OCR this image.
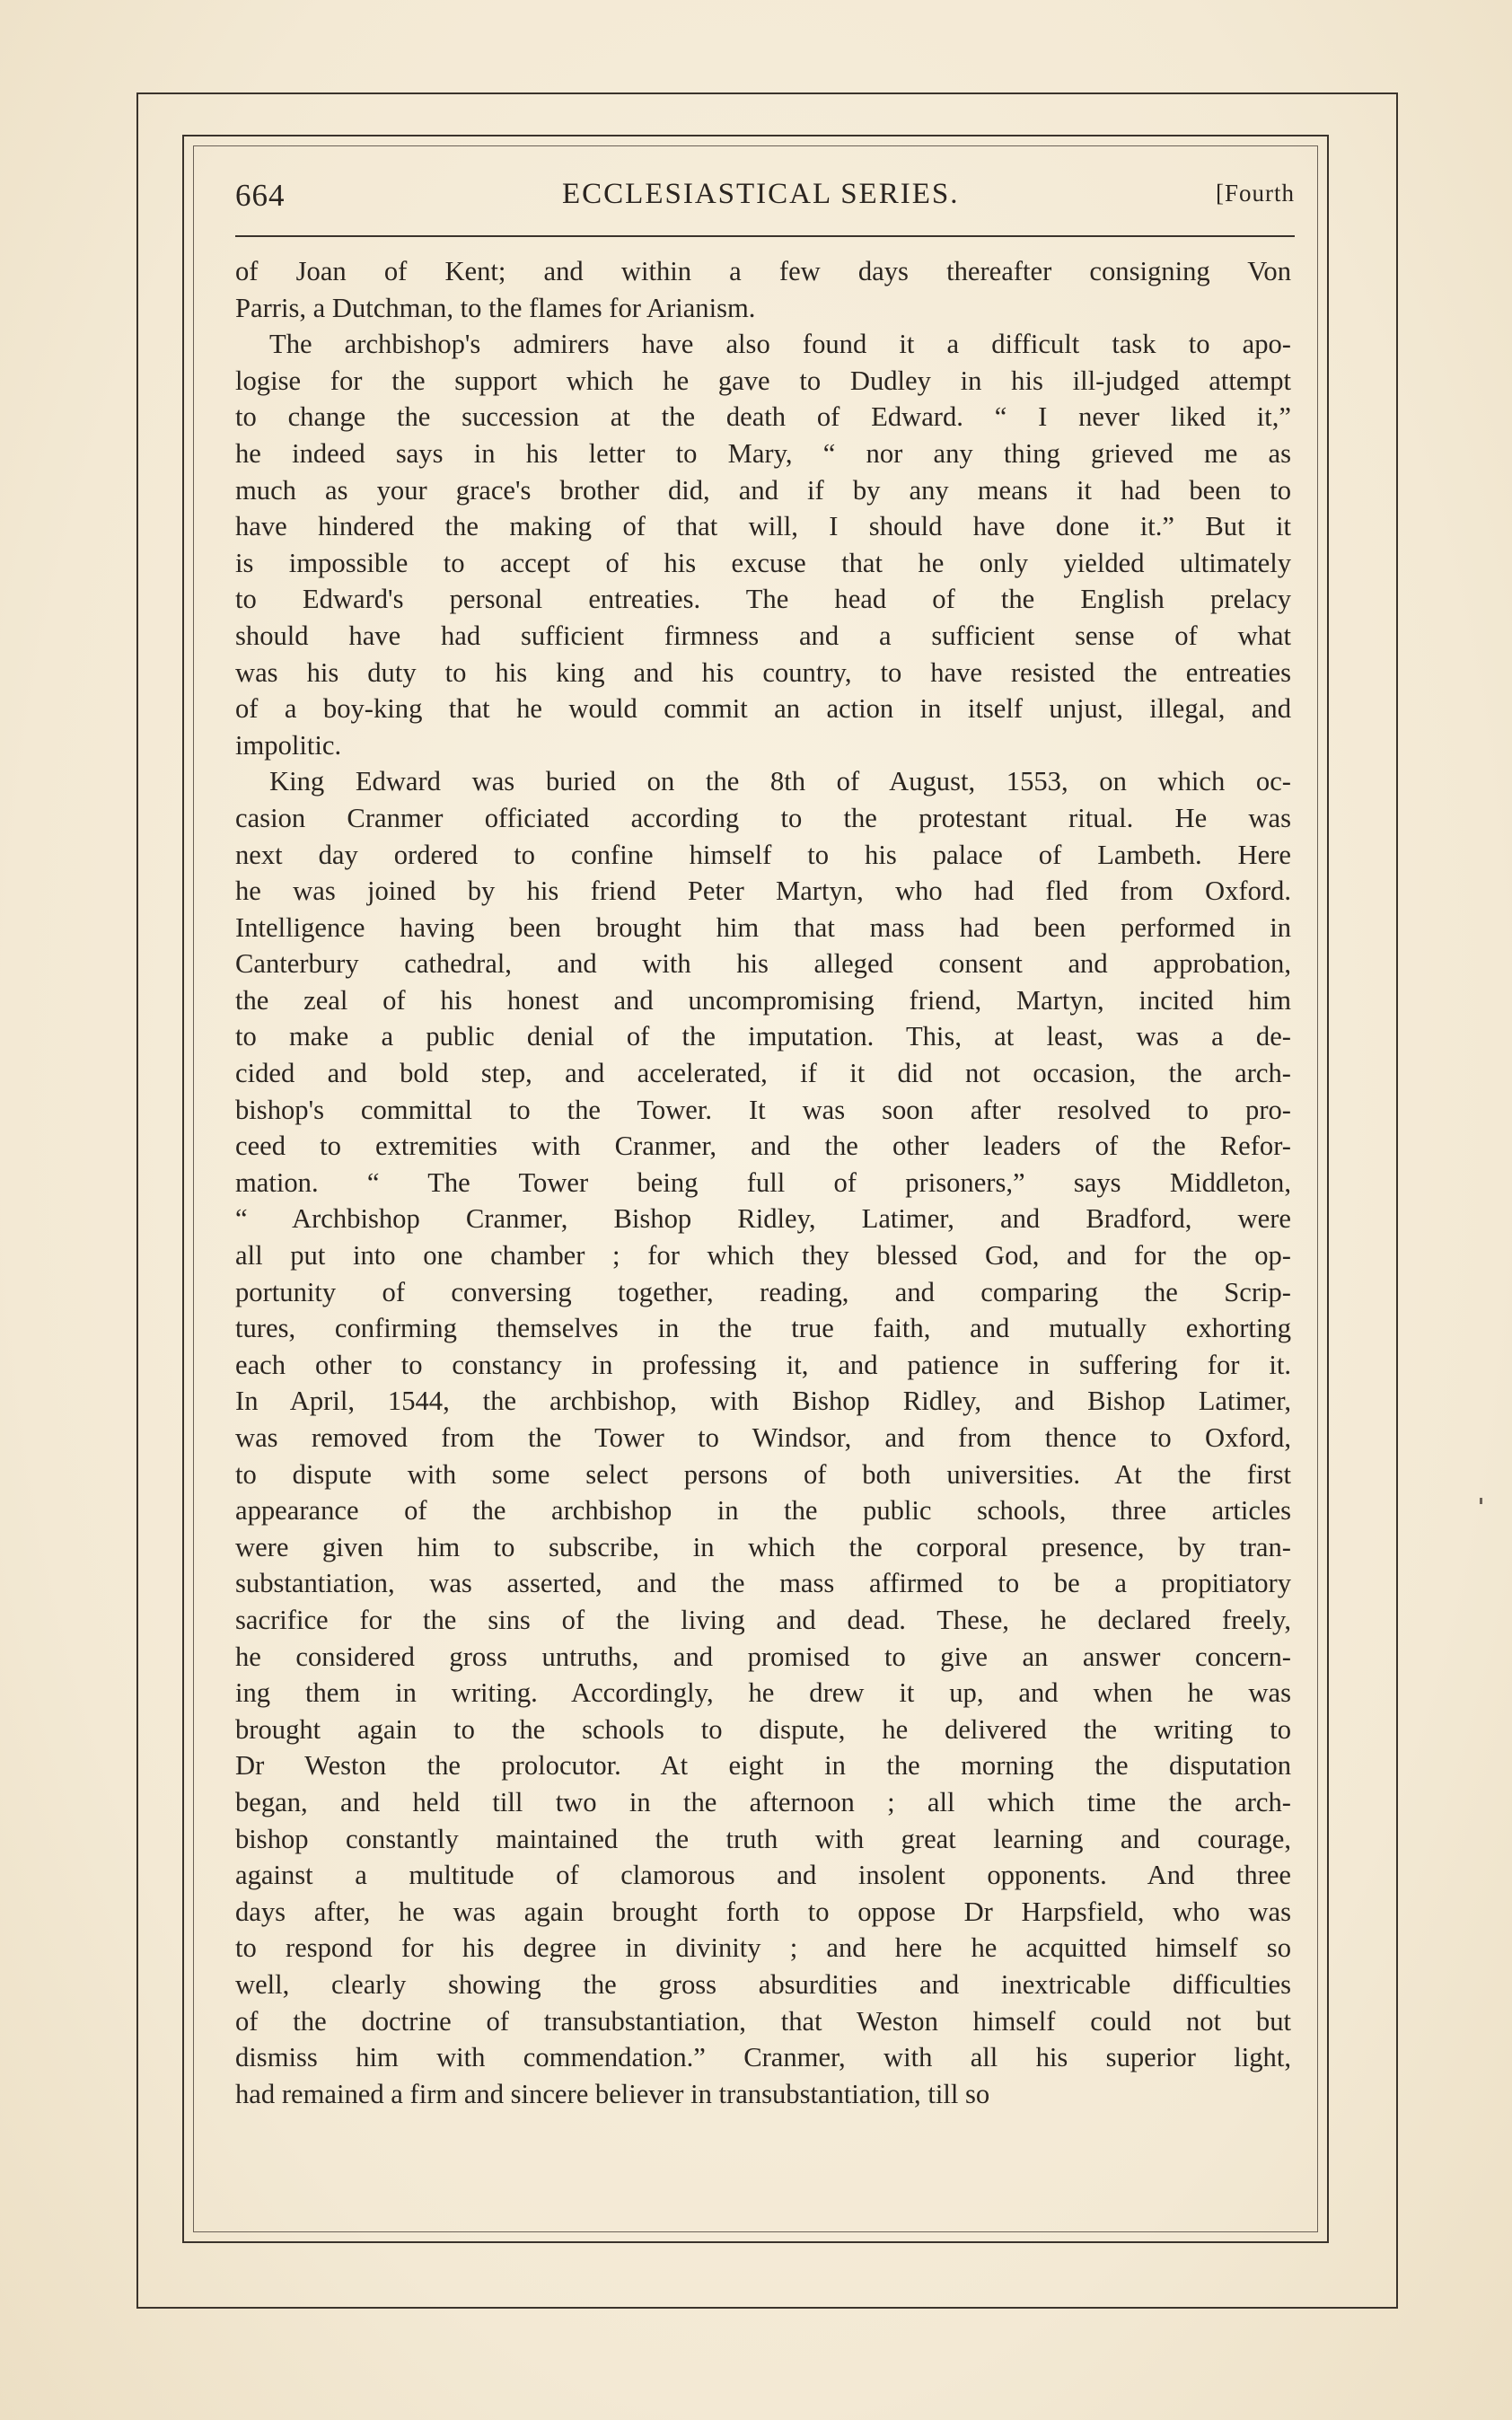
664	ECCLESIASTICAL SERIES.	[Fourth
of Joan of Kent; and within a few days thereafter consigning Von
Parris, a Dutchman, to the flames for Arianism.
The archbishop's admirers have also found it a difficult task to apo-
logise for the support which he gave to Dudley in his ill-judged attempt
to change the succession at the death of Edward. “ I never liked it,”
he indeed says in his letter to Mary, “ nor any thing grieved me as
much as your grace's brother did, and if by any means it had been to
have hindered the making of that will, I should have done it.” But it
is impossible to accept of his excuse that he only yielded ultimately
to Edward's personal entreaties. The head of the English prelacy
should have had sufficient firmness and a sufficient sense of what
was his duty to his king and his country, to have resisted the entreaties
of a boy-king that he would commit an action in itself unjust, illegal, and
impolitic.
King Edward was buried on the 8th of August, 1553, on which oc-
casion Cranmer officiated according to the protestant ritual. He was
next day ordered to confine himself to his palace of Lambeth. Here
he was joined by his friend Peter Martyn, who had fled from Oxford.
Intelligence having been brought him that mass had been performed in
Canterbury cathedral, and with his alleged consent and approbation,
the zeal of his honest and uncompromising friend, Martyn, incited him
to make a public denial of the imputation. This, at least, was a de-
cided and bold step, and accelerated, if it did not occasion, the arch-
bishop's committal to the Tower. It was soon after resolved to pro-
ceed to extremities with Cranmer, and the other leaders of the Refor-
mation. “ The Tower being full of prisoners,” says Middleton,
“ Archbishop Cranmer, Bishop Ridley, Latimer, and Bradford, were
all put into one chamber ; for which they blessed God, and for the op-
portunity of conversing together, reading, and comparing the Scrip-
tures, confirming themselves in the true faith, and mutually exhorting
each other to constancy in professing it, and patience in suffering for it.
In April, 1544, the archbishop, with Bishop Ridley, and Bishop Latimer,
was removed from the Tower to Windsor, and from thence to Oxford,
to dispute with some select persons of both universities. At the first
appearance of the archbishop in the public schools, three articles
were given him to subscribe, in which the corporal presence, by tran-
substantiation, was asserted, and the mass affirmed to be a propitiatory
sacrifice for the sins of the living and dead. These, he declared freely,
he considered gross untruths, and promised to give an answer concern-
ing them in writing. Accordingly, he drew it up, and when he was
brought again to the schools to dispute, he delivered the writing to
Dr Weston the prolocutor. At eight in the morning the disputation
began, and held till two in the afternoon ; all which time the arch-
bishop constantly maintained the truth with great learning and courage,
against a multitude of clamorous and insolent opponents. And three
days after, he was again brought forth to oppose Dr Harpsfield, who was
to respond for his degree in divinity ; and here he acquitted himself so
well, clearly showing the gross absurdities and inextricable difficulties
of the doctrine of transubstantiation, that Weston himself could not but
dismiss him with commendation.” Cranmer, with all his superior light,
had remained a firm and sincere believer in transubstantiation, till so
